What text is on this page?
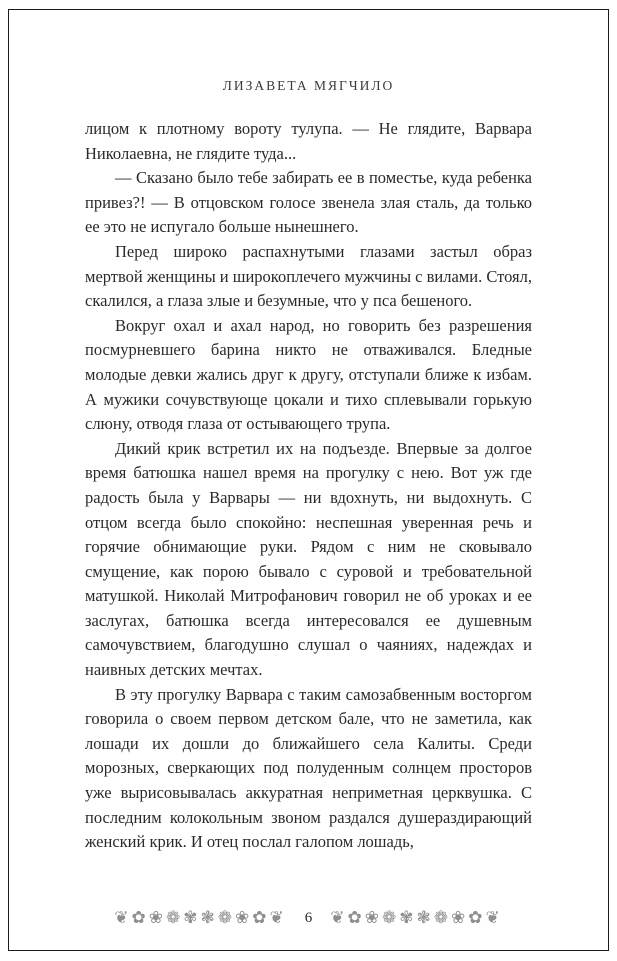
ЛИЗАВЕТА МЯГЧИЛО

лицом к плотному вороту тулупа. — Не глядите, Варвара Николаевна, не глядите туда...

— Сказано было тебе забирать ее в поместье, куда ребенка привез?! — В отцовском голосе звенела злая сталь, да только ее это не испугало больше нынешнего.

Перед широко распахнутыми глазами застыл образ мертвой женщины и широкоплечего мужчины с вилами. Стоял, скалился, а глаза злые и безумные, что у пса бешеного.

Вокруг охал и ахал народ, но говорить без разрешения посмурневшего барина никто не отваживался. Бледные молодые девки жались друг к другу, отступали ближе к избам. А мужики сочувствующе цокали и тихо сплевывали горькую слюну, отводя глаза от остывающего трупа.

Дикий крик встретил их на подъезде. Впервые за долгое время батюшка нашел время на прогулку с нею. Вот уж где радость была у Варвары — ни вдохнуть, ни выдохнуть. С отцом всегда было спокойно: неспешная уверенная речь и горячие обнимающие руки. Рядом с ним не сковывало смущение, как порою бывало с суровой и требовательной матушкой. Николай Митрофанович говорил не об уроках и ее заслугах, батюшка всегда интересовался ее душевным самочувствием, благодушно слушал о чаяниях, надеждах и наивных детских мечтах.

В эту прогулку Варвара с таким самозабвенным восторгом говорила о своем первом детском бале, что не заметила, как лошади их дошли до ближайшего села Калиты. Среди морозных, сверкающих под полуденным солнцем просторов уже вырисовывалась аккуратная неприметная церквушка. С последним колокольным звоном раздался душераздирающий женский крик. И отец послал галопом лошадь,

❦✿❀❁✾❃❁❀✿❦ 6 ❦✿❀❁✾❃❁❀✿❦
